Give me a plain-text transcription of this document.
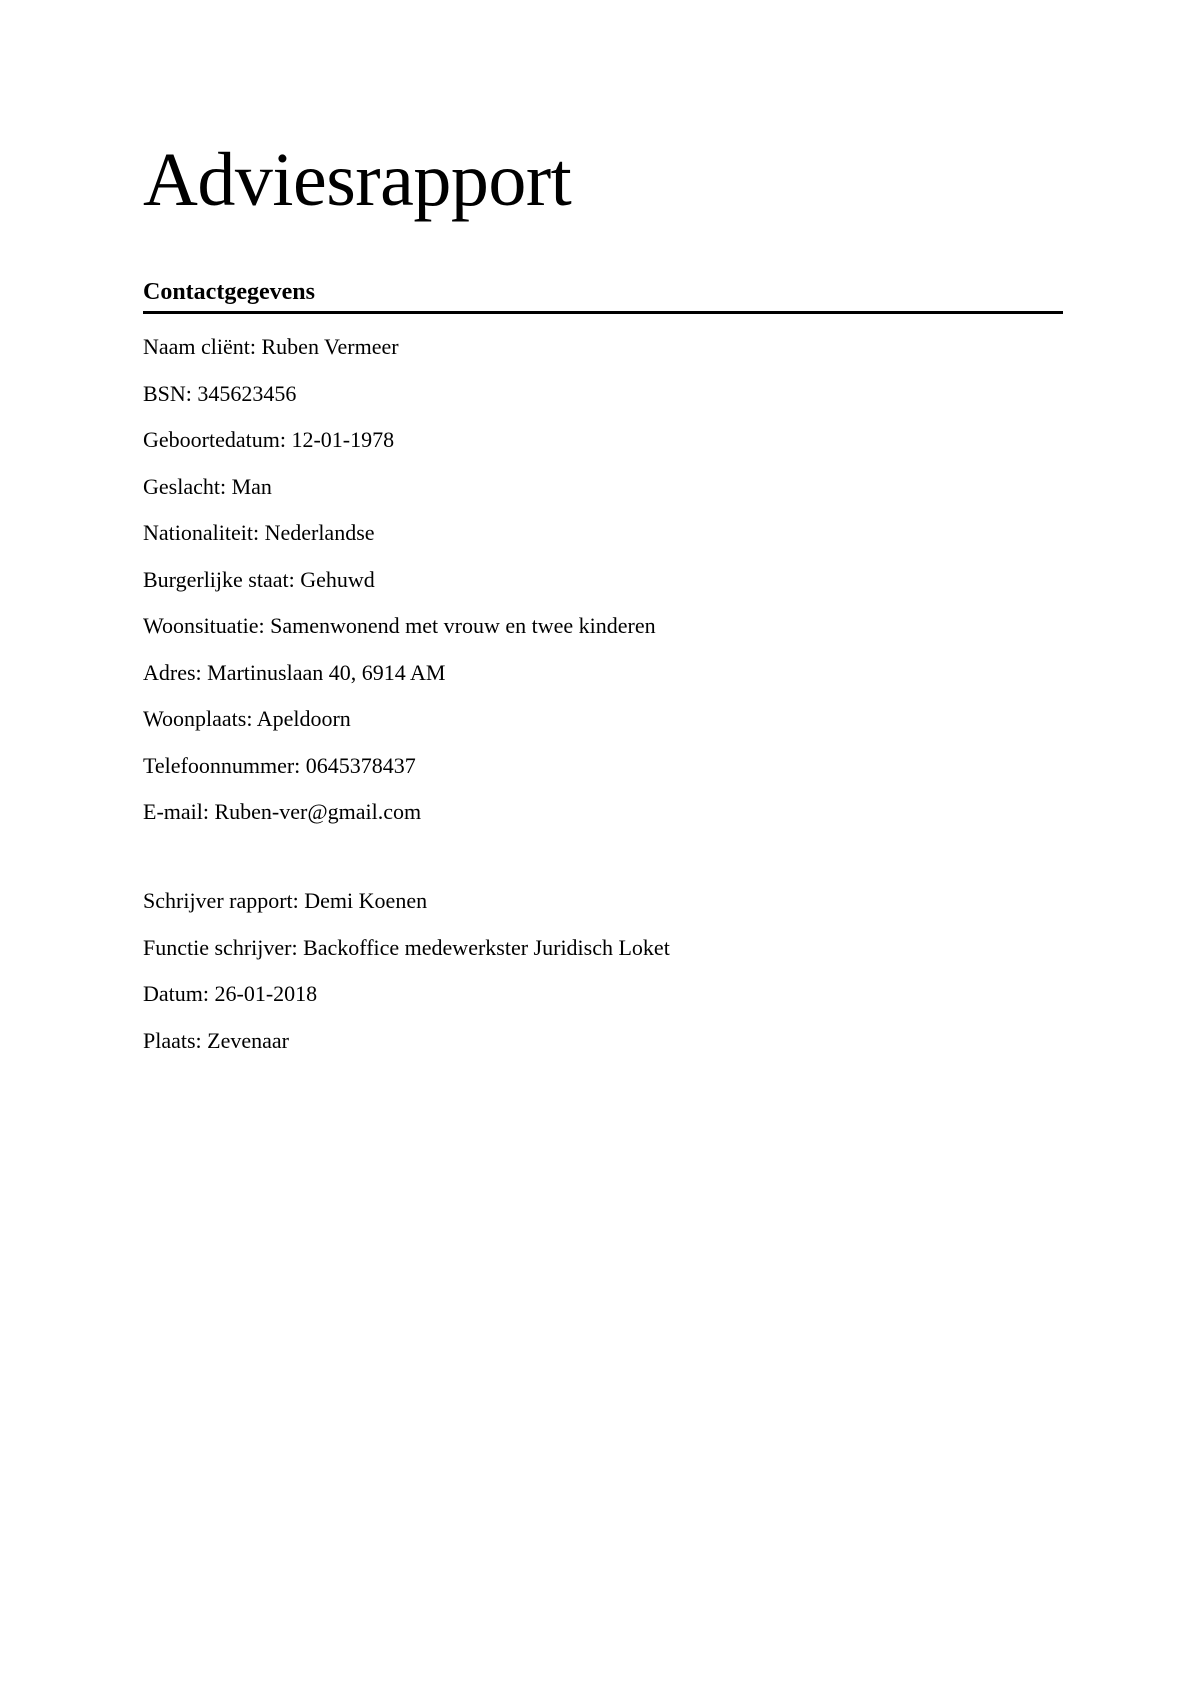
Adviesrapport
Contactgegevens
Naam cliënt: Ruben Vermeer
BSN: 345623456
Geboortedatum: 12-01-1978
Geslacht: Man
Nationaliteit: Nederlandse
Burgerlijke staat: Gehuwd
Woonsituatie: Samenwonend met vrouw en twee kinderen
Adres: Martinuslaan 40, 6914 AM
Woonplaats: Apeldoorn
Telefoonnummer: 0645378437
E-mail: Ruben-ver@gmail.com
Schrijver rapport: Demi Koenen
Functie schrijver: Backoffice medewerkster Juridisch Loket
Datum: 26-01-2018
Plaats: Zevenaar
